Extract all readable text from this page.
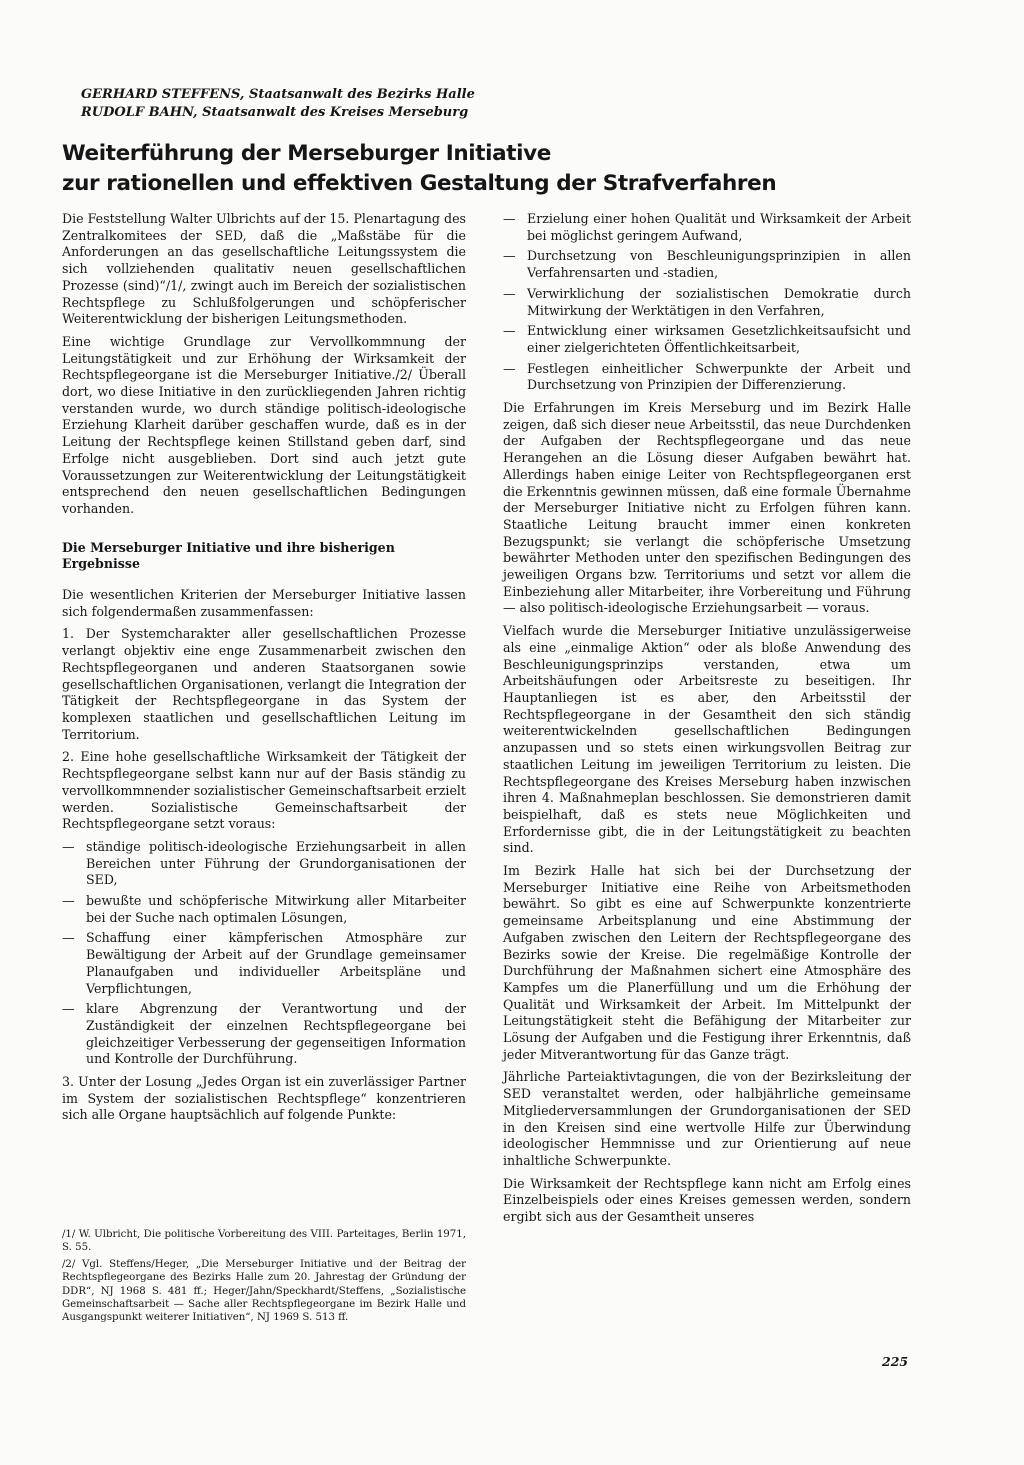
GERHARD STEFFENS, Staatsanwalt des Bezirks Halle
RUDOLF BAHN, Staatsanwalt des Kreises Merseburg
Weiterführung der Merseburger Initiative
zur rationellen und effektiven Gestaltung der Strafverfahren

Die Feststellung Walter Ulbrichts auf der 15. Plenartagung des Zentralkomitees der SED, daß die „Maßstäbe für die Anforderungen an das gesellschaftliche Leitungssystem die sich vollziehenden qualitativ neuen gesellschaftlichen Prozesse (sind)“/1/, zwingt auch im Bereich der sozialistischen Rechtspflege zu Schlußfolgerungen und schöpferischer Weiterentwicklung der bisherigen Leitungsmethoden.

Eine wichtige Grundlage zur Vervollkommnung der Leitungstätigkeit und zur Erhöhung der Wirksamkeit der Rechtspflegeorgane ist die Merseburger Initiative./2/ Überall dort, wo diese Initiative in den zurückliegenden Jahren richtig verstanden wurde, wo durch ständige politisch-ideologische Erziehung Klarheit darüber geschaffen wurde, daß es in der Leitung der Rechtspflege keinen Stillstand geben darf, sind Erfolge nicht ausgeblieben. Dort sind auch jetzt gute Voraussetzungen zur Weiterentwicklung der Leitungstätigkeit entsprechend den neuen gesellschaftlichen Bedingungen vorhanden.

Die Merseburger Initiative und ihre bisherigen Ergebnisse

Die wesentlichen Kriterien der Merseburger Initiative lassen sich folgendermaßen zusammenfassen:

1. Der Systemcharakter aller gesellschaftlichen Prozesse verlangt objektiv eine enge Zusammenarbeit zwischen den Rechtspflegeorganen und anderen Staatsorganen sowie gesellschaftlichen Organisationen, verlangt die Integration der Tätigkeit der Rechtspflegeorgane in das System der komplexen staatlichen und gesellschaftlichen Leitung im Territorium.

2. Eine hohe gesellschaftliche Wirksamkeit der Tätigkeit der Rechtspflegeorgane selbst kann nur auf der Basis ständig zu vervollkommnender sozialistischer Gemeinschaftsarbeit erzielt werden. Sozialistische Gemeinschaftsarbeit der Rechtspflegeorgane setzt voraus:

— ständige politisch-ideologische Erziehungsarbeit in allen Bereichen unter Führung der Grundorganisationen der SED,
— bewußte und schöpferische Mitwirkung aller Mitarbeiter bei der Suche nach optimalen Lösungen,
— Schaffung einer kämpferischen Atmosphäre zur Bewältigung der Arbeit auf der Grundlage gemeinsamer Planaufgaben und individueller Arbeitspläne und Verpflichtungen,
— klare Abgrenzung der Verantwortung und der Zuständigkeit der einzelnen Rechtspflegeorgane bei gleichzeitiger Verbesserung der gegenseitigen Information und Kontrolle der Durchführung.

3. Unter der Losung „Jedes Organ ist ein zuverlässiger Partner im System der sozialistischen Rechtspflege“ konzentrieren sich alle Organe hauptsächlich auf folgende Punkte:

/1/ W. Ulbricht, Die politische Vorbereitung des VIII. Parteitages, Berlin 1971, S. 55.

/2/ Vgl. Steffens/Heger, „Die Merseburger Initiative und der Beitrag der Rechtspflegeorgane des Bezirks Halle zum 20. Jahrestag der Gründung der DDR“, NJ 1968 S. 481 ff.; Heger/Jahn/Speckhardt/Steffens, „Sozialistische Gemeinschaftsarbeit — Sache aller Rechtspflegeorgane im Bezirk Halle und Ausgangspunkt weiterer Initiativen“, NJ 1969 S. 513 ff.

— Erzielung einer hohen Qualität und Wirksamkeit der Arbeit bei möglichst geringem Aufwand,
— Durchsetzung von Beschleunigungsprinzipien in allen Verfahrensarten und -stadien,
— Verwirklichung der sozialistischen Demokratie durch Mitwirkung der Werktätigen in den Verfahren,
— Entwicklung einer wirksamen Gesetzlichkeitsaufsicht und einer zielgerichteten Öffentlichkeitsarbeit,
— Festlegen einheitlicher Schwerpunkte der Arbeit und Durchsetzung von Prinzipien der Differenzierung.

Die Erfahrungen im Kreis Merseburg und im Bezirk Halle zeigen, daß sich dieser neue Arbeitsstil, das neue Durchdenken der Aufgaben der Rechtspflegeorgane und das neue Herangehen an die Lösung dieser Aufgaben bewährt hat. Allerdings haben einige Leiter von Rechtspflegeorganen erst die Erkenntnis gewinnen müssen, daß eine formale Übernahme der Merseburger Initiative nicht zu Erfolgen führen kann. Staatliche Leitung braucht immer einen konkreten Bezugspunkt; sie verlangt die schöpferische Umsetzung bewährter Methoden unter den spezifischen Bedingungen des jeweiligen Organs bzw. Territoriums und setzt vor allem die Einbeziehung aller Mitarbeiter, ihre Vorbereitung und Führung — also politisch-ideologische Erziehungsarbeit — voraus.

Vielfach wurde die Merseburger Initiative unzulässigerweise als eine „einmalige Aktion“ oder als bloße Anwendung des Beschleunigungsprinzips verstanden, etwa um Arbeitshäufungen oder Arbeitsreste zu beseitigen. Ihr Hauptanliegen ist es aber, den Arbeitsstil der Rechtspflegeorgane in der Gesamtheit den sich ständig weiterentwickelnden gesellschaftlichen Bedingungen anzupassen und so stets einen wirkungsvollen Beitrag zur staatlichen Leitung im jeweiligen Territorium zu leisten. Die Rechtspflegeorgane des Kreises Merseburg haben inzwischen ihren 4. Maßnahmeplan beschlossen. Sie demonstrieren damit beispielhaft, daß es stets neue Möglichkeiten und Erfordernisse gibt, die in der Leitungstätigkeit zu beachten sind.

Im Bezirk Halle hat sich bei der Durchsetzung der Merseburger Initiative eine Reihe von Arbeitsmethoden bewährt. So gibt es eine auf Schwerpunkte konzentrierte gemeinsame Arbeitsplanung und eine Abstimmung der Aufgaben zwischen den Leitern der Rechtspflegeorgane des Bezirks sowie der Kreise. Die regelmäßige Kontrolle der Durchführung der Maßnahmen sichert eine Atmosphäre des Kampfes um die Planerfüllung und um die Erhöhung der Qualität und Wirksamkeit der Arbeit. Im Mittelpunkt der Leitungstätigkeit steht die Befähigung der Mitarbeiter zur Lösung der Aufgaben und die Festigung ihrer Erkenntnis, daß jeder Mitverantwortung für das Ganze trägt.

Jährliche Parteiaktivtagungen, die von der Bezirksleitung der SED veranstaltet werden, oder halbjährliche gemeinsame Mitgliederversammlungen der Grundorganisationen der SED in den Kreisen sind eine wertvolle Hilfe zur Überwindung ideologischer Hemmnisse und zur Orientierung auf neue inhaltliche Schwerpunkte.

Die Wirksamkeit der Rechtspflege kann nicht am Erfolg eines Einzelbeispiels oder eines Kreises gemessen werden, sondern ergibt sich aus der Gesamtheit unseres

225
